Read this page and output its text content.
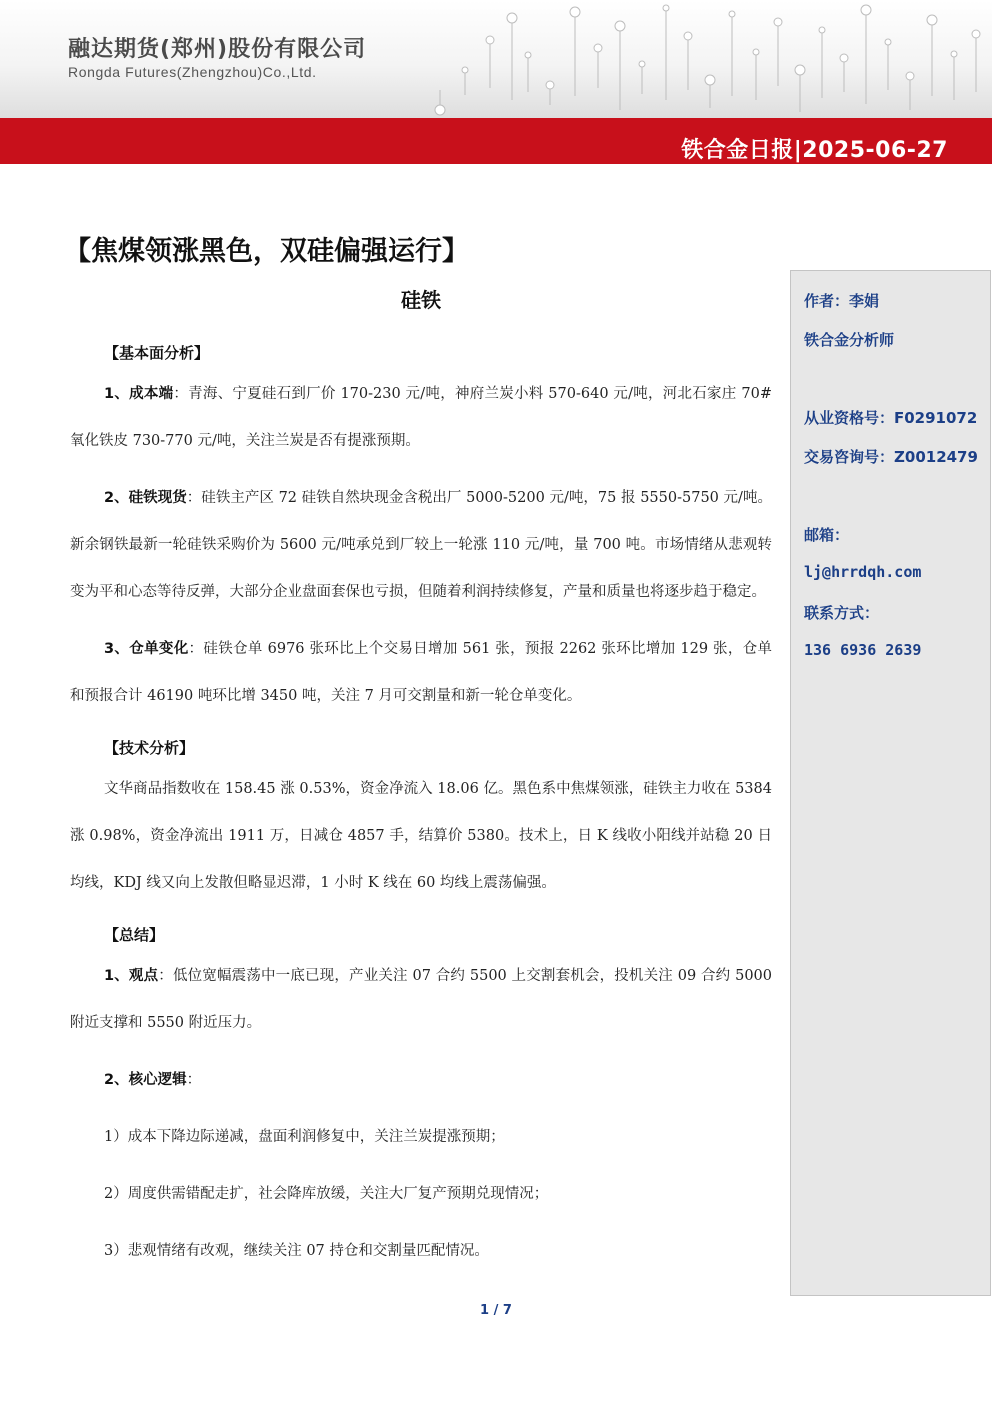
融达期货(郑州)股份有限公司
Rongda Futures(Zhengzhou)Co.,Ltd.
铁合金日报|2025-06-27
【焦煤领涨黑色，双硅偏强运行】
作者：李娟
铁合金分析师
从业资格号：F0291072
交易咨询号：Z0012479
邮箱：
lj@hrrdqh.com
联系方式：
136 6936 2639
硅铁
【基本面分析】

1、成本端：青海、宁夏硅石到厂价 170-230 元/吨，神府兰炭小料 570-640 元/吨，河北石家庄 70#氧化铁皮 730-770 元/吨，关注兰炭是否有提涨预期。

2、硅铁现货：硅铁主产区 72 硅铁自然块现金含税出厂 5000-5200 元/吨，75 报 5550-5750 元/吨。新余钢铁最新一轮硅铁采购价为 5600 元/吨承兑到厂较上一轮涨 110 元/吨，量 700 吨。市场情绪从悲观转变为平和心态等待反弹，大部分企业盘面套保也亏损，但随着利润持续修复，产量和质量也将逐步趋于稳定。

3、仓单变化：硅铁仓单 6976 张环比上个交易日增加 561 张，预报 2262 张环比增加 129 张，仓单和预报合计 46190 吨环比增 3450 吨，关注 7 月可交割量和新一轮仓单变化。

【技术分析】

文华商品指数收在 158.45 涨 0.53%，资金净流入 18.06 亿。黑色系中焦煤领涨，硅铁主力收在 5384 涨 0.98%，资金净流出 1911 万，日减仓 4857 手，结算价 5380。技术上，日 K 线收小阳线并站稳 20 日均线，KDJ 线又向上发散但略显迟滞，1 小时 K 线在 60 均线上震荡偏强。

【总结】

1、观点：低位宽幅震荡中一底已现，产业关注 07 合约 5500 上交割套机会，投机关注 09 合约 5000 附近支撑和 5550 附近压力。

2、核心逻辑：

1）成本下降边际递减，盘面利润修复中，关注兰炭提涨预期；

2）周度供需错配走扩，社会降库放缓，关注大厂复产预期兑现情况；

3）悲观情绪有改观，继续关注 07 持仓和交割量匹配情况。

1 / 7
